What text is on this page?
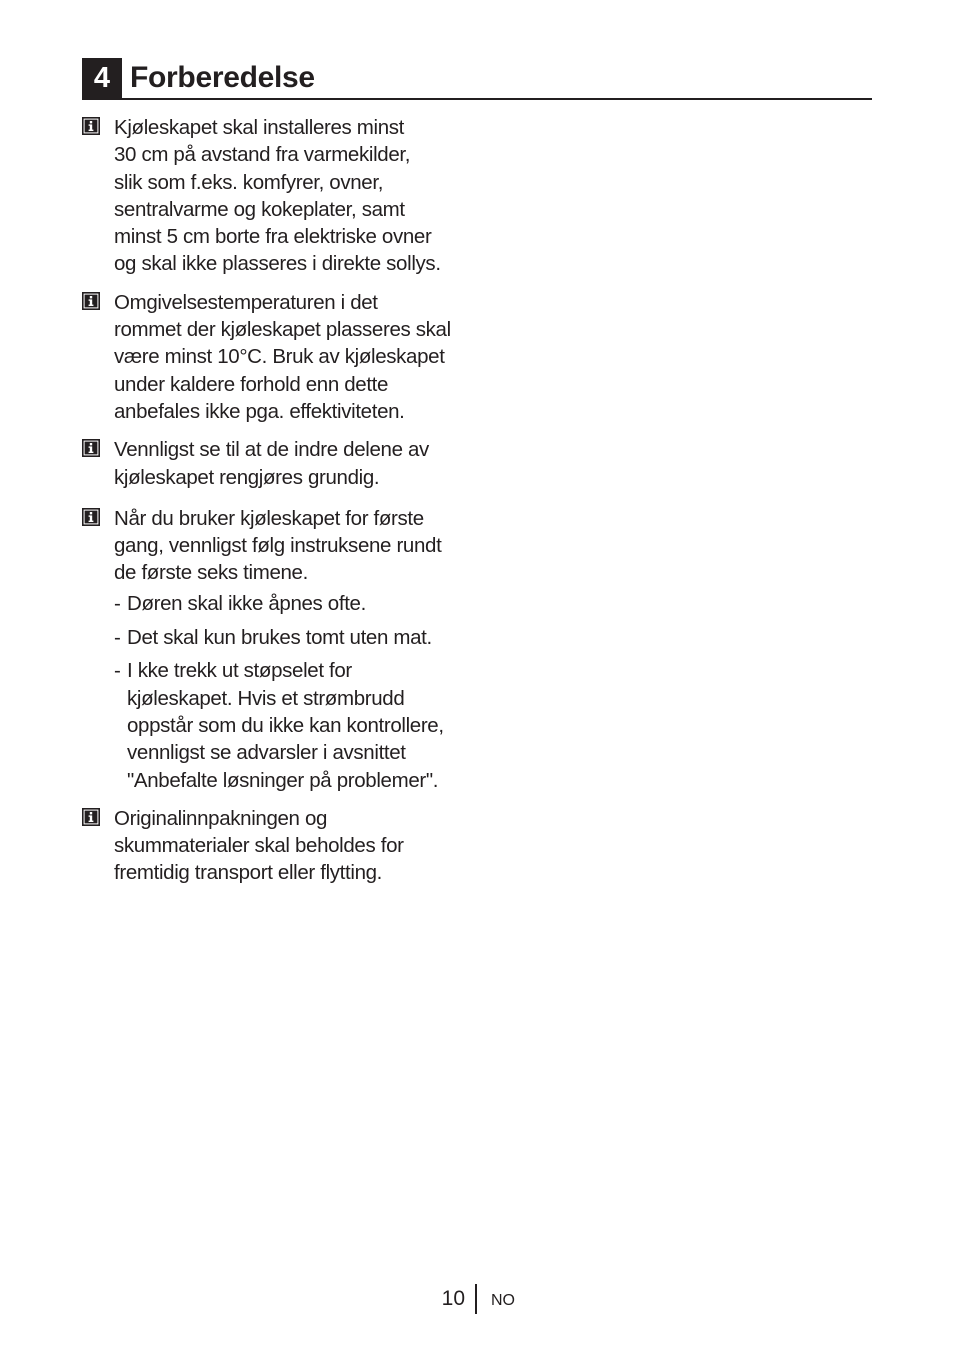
4 Forberedelse
Kjøleskapet skal installeres minst
30 cm på avstand fra varmekilder,
slik som f.eks. komfyrer, ovner,
sentralvarme og kokeplater, samt
minst 5 cm borte fra elektriske ovner
og skal ikke plasseres i direkte sollys.
Omgivelsestemperaturen i det
rommet der kjøleskapet plasseres skal
være minst 10°C. Bruk av kjøleskapet
under kaldere forhold enn dette
anbefales ikke pga. effektiviteten.
Vennligst se til at de indre delene av
kjøleskapet rengjøres grundig.
Når du bruker kjøleskapet for første
gang, vennligst følg instruksene rundt
de første seks timene.
- Døren skal ikke åpnes ofte.
- Det skal kun brukes tomt uten mat.
- I kke trekk ut støpselet for
kjøleskapet. Hvis et strømbrudd
oppstår som du ikke kan kontrollere,
vennligst se advarsler i avsnittet
"Anbefalte løsninger på problemer".
Originalinnpakningen og
skummaterialer skal beholdes for
fremtidig transport eller flytting.
10 NO
